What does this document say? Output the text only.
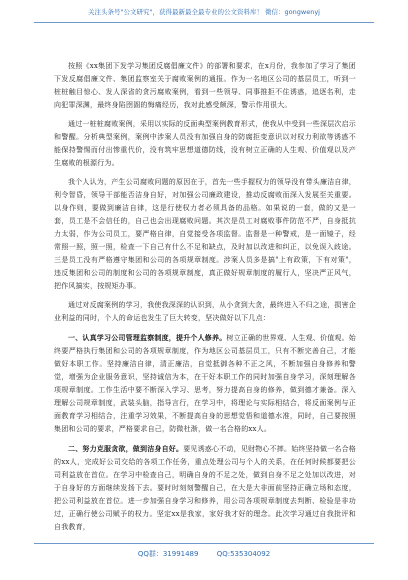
关注头条号"公文研究"，获得最新最全最专业的公文资料库！ 微信：gongwenyj

按照《xx集团下发学习集团反腐倡廉文件》的部署和要求，在x月份，我参加了学习了集团下发反腐倡廉文件、集团监察室关于腐败案例的通报。作为一名地区公司的基层员工，听到一桩桩触目惊心、发人深省的贪污腐败案例，看到一些领导、同事推拒不住诱惑，追逐名利，走向犯罪深渊，最终身陷囹圄的悔痛经历，我对此感受颇深，警示作用很大。

通过一桩桩腐败案例，采用以实际的反面典型案例教育形式，使我从中受到一些深层次启示和警醒。分析典型案例，案例中涉案人员没有加强自身的防腐拒变意识以对权力利欲等诱惑不能保持警惕而付出惨重代价，没有筑牢思想道德防线，没有树立正确的人生观、价值观以及产生腐败的根源行为。

我个人认为，产生公司腐败问题的原因在于，首先一些手握权力的领导没有带头廉洁自律，利令智昏，领导干部能否洁身自好，对加强公司廉政建设，推动反腐败而深入发展至关重要。以身作则，要做到廉洁自律，这是行使权力者必须具备的品格。如果说的一套，做的又是一套，员工是不会信任的，自己也会出现腐败问题。其次是员工对腐败事件防范不严，自身抵抗力太弱，作为公司员工，要严格自律，自觉接受各项监督。监督是一种警戒，是一面镜子，经常照一照，照一照，检查一下自己有什么不足和缺点，及时加以改进和纠正，以免误入歧途。三是员工没有严格遵守集团和公司的各项规章制度。涉案人员多是搞"上有政策，下有对策"，违反集团和公司的制度和公司的各项规章制度，真正做好规章制度的履行人，坚决严正风气，把作风搞实，按规矩办事。

通过对反腐案例的学习，我使我深深的认识到，从小贪到大贪，最终进入不归之途，损害企业利益的同时，个人的命运也发生了巨大转变，坚决做好以下几点：

一、认真学习公司管理监察制度，提升个人修养。树立正确的世界观、人生观、价值观。始终要严格执行集团和公司的各项规章制度，作为地区公司基层员工，只有不断完善自己，才能做好本职工作。坚持廉洁自律，清正廉洁，自觉抵御各种不正之风，不断加强自身修养和警觉，增强为企业服务意识，坚持诚信为本，在干好本职工作的同时加强自身学习，深刻理解各项规章制度。工作生活中要不断深入学习、思考，努力提高自身的修养，做到德才兼备。深入理解公司规章制度，武装头脑，指导言行，在学习中，将理论与实际相结合，将反面案例与正面教育学习相结合，注重学习效果，不断提高自身的思想觉悟和道德水准，同时，自己要按照集团和公司的要求，严格要求自己，防微杜渐，做一名合格的xx人。

二、努力克服贪欲，做到洁身自好。要见诱惑心不动，见财物心不摔。始终坚持做一名合格的xx人，完成好公司交给的各项工作任务，重点处理公司与个人的关系，在任何时候都要把公司利益放在首位。在学习中检查自己，明确自身的不足之处，做到自身不足之处加以改进，对于自身好的方面继续发扬下去。要时时刻刻警醒自己，在大是大非面前坚持正确立场和态度，把公司利益放在首位。进一步加强自身学习和修养，用公司各项规章制度去判断、检验是非功过，正确行使公司赋予的权力。坚定xx是我家，家好我才好的理念。此次学习通过自我批评和自我教育，

QQ群：31991489	QQ:535304092
